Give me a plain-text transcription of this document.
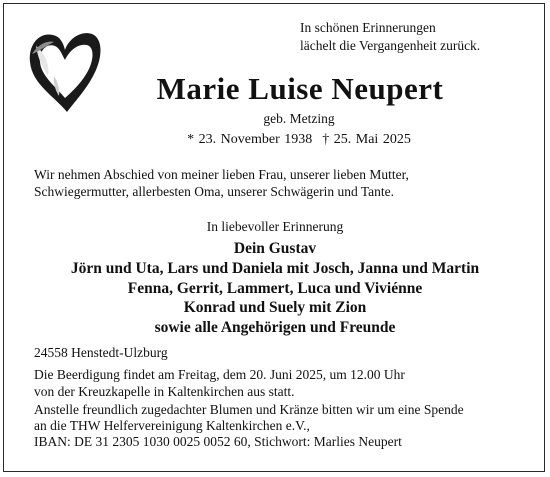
In schönen Erinnerungen
lächelt die Vergangenheit zurück.
Marie Luise Neupert
geb. Metzing
* 23. November 1938 † 25. Mai 2025
Wir nehmen Abschied von meiner lieben Frau, unserer lieben Mutter,
Schwiegermutter, allerbesten Oma, unserer Schwägerin und Tante.
In liebevoller Erinnerung
Dein Gustav
Jörn und Uta, Lars und Daniela mit Josch, Janna und Martin
Fenna, Gerrit, Lammert, Luca und Viviénne
Konrad und Suely mit Zion
sowie alle Angehörigen und Freunde
24558 Henstedt-Ulzburg
Die Beerdigung findet am Freitag, dem 20. Juni 2025, um 12.00 Uhr
von der Kreuzkapelle in Kaltenkirchen aus statt.
Anstelle freundlich zugedachter Blumen und Kränze bitten wir um eine Spende
an die THW Helfervereinigung Kaltenkirchen e.V.,
IBAN: DE 31 2305 1030 0025 0052 60, Stichwort: Marlies Neupert
